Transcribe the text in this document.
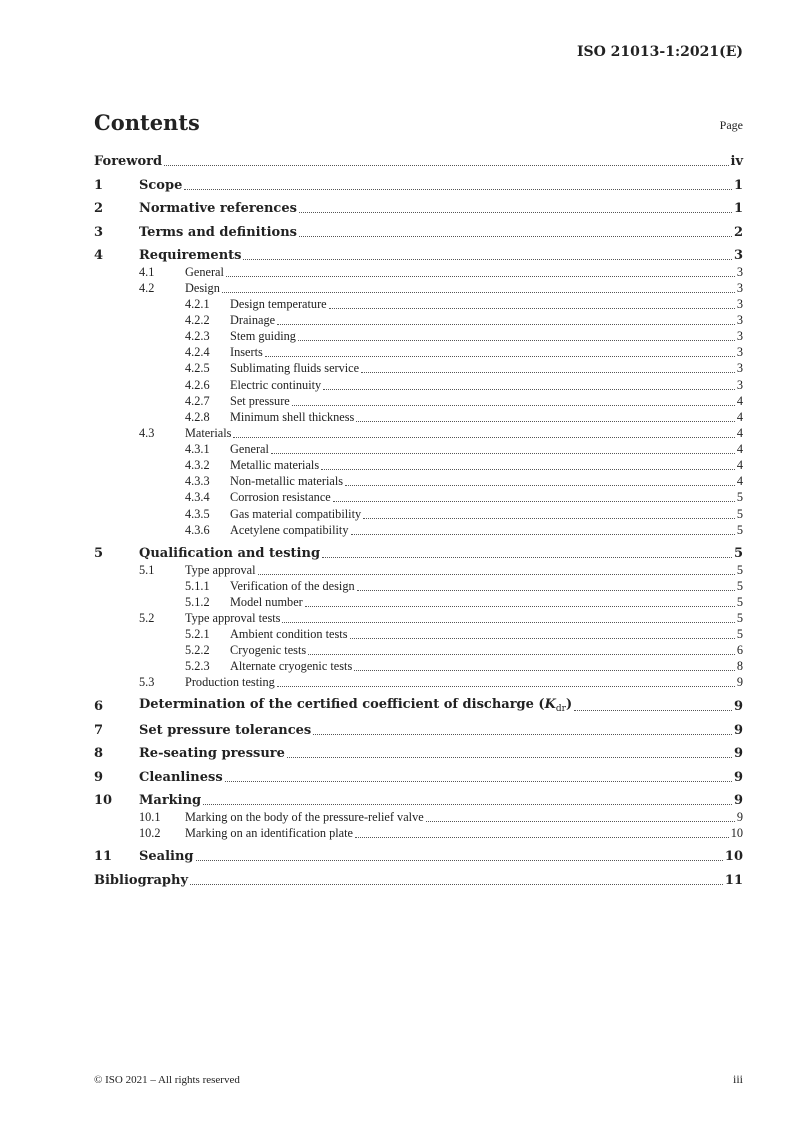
ISO 21013-1:2021(E)
Contents	Page
Foreword	iv
1	Scope	1
2	Normative references	1
3	Terms and definitions	2
4	Requirements	3
4.1	General	3
4.2	Design	3
4.2.1	Design temperature	3
4.2.2	Drainage	3
4.2.3	Stem guiding	3
4.2.4	Inserts	3
4.2.5	Sublimating fluids service	3
4.2.6	Electric continuity	3
4.2.7	Set pressure	4
4.2.8	Minimum shell thickness	4
4.3	Materials	4
4.3.1	General	4
4.3.2	Metallic materials	4
4.3.3	Non-metallic materials	4
4.3.4	Corrosion resistance	5
4.3.5	Gas material compatibility	5
4.3.6	Acetylene compatibility	5
5	Qualification and testing	5
5.1	Type approval	5
5.1.1	Verification of the design	5
5.1.2	Model number	5
5.2	Type approval tests	5
5.2.1	Ambient condition tests	5
5.2.2	Cryogenic tests	6
5.2.3	Alternate cryogenic tests	8
5.3	Production testing	9
6	Determination of the certified coefficient of discharge $(K_{dr})$	9
7	Set pressure tolerances	9
8	Re-seating pressure	9
9	Cleanliness	9
10	Marking	9
10.1	Marking on the body of the pressure-relief valve	9
10.2	Marking on an identification plate	10
11	Sealing	10
Bibliography	11
© ISO 2021 – All rights reserved	iii
